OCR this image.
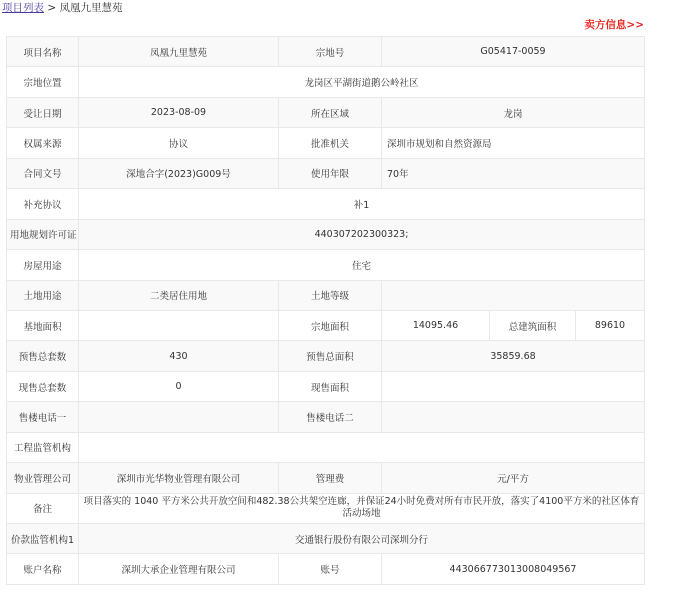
项目列表 > 凤凰九里慧苑
卖方信息>>
项目名称	凤凰九里慧苑	宗地号	G05417-0059		
宗地位置	龙岗区平湖街道鹅公岭社区				
受让日期	2023-08-09	所在区域	龙岗		
权属来源	协议	批准机关	深圳市规划和自然资源局		
合同文号	深地合字(2023)G009号	使用年限	70年		
补充协议	补1				
用地规划许可证	440307202300323;				
房屋用途	住宅				
土地用途	二类居住用地	土地等级			
基地面积		宗地面积	14095.46	总建筑面积	89610
预售总套数	430	预售总面积	35859.68		
现售总套数	0	现售面积			
售楼电话一		售楼电话二			
工程监管机构					
物业管理公司	深圳市光华物业管理有限公司	管理费	元/平方		
备注	项目落实的 1040 平方米公共开放空间和482.38公共架空连廊，并保证24小时免费对所有市民开放，落实了4100平方米的社区体育活动场地				
价款监管机构1	交通银行股份有限公司深圳分行				
账户名称	深圳大承企业管理有限公司	账号	443066773013008049567		
